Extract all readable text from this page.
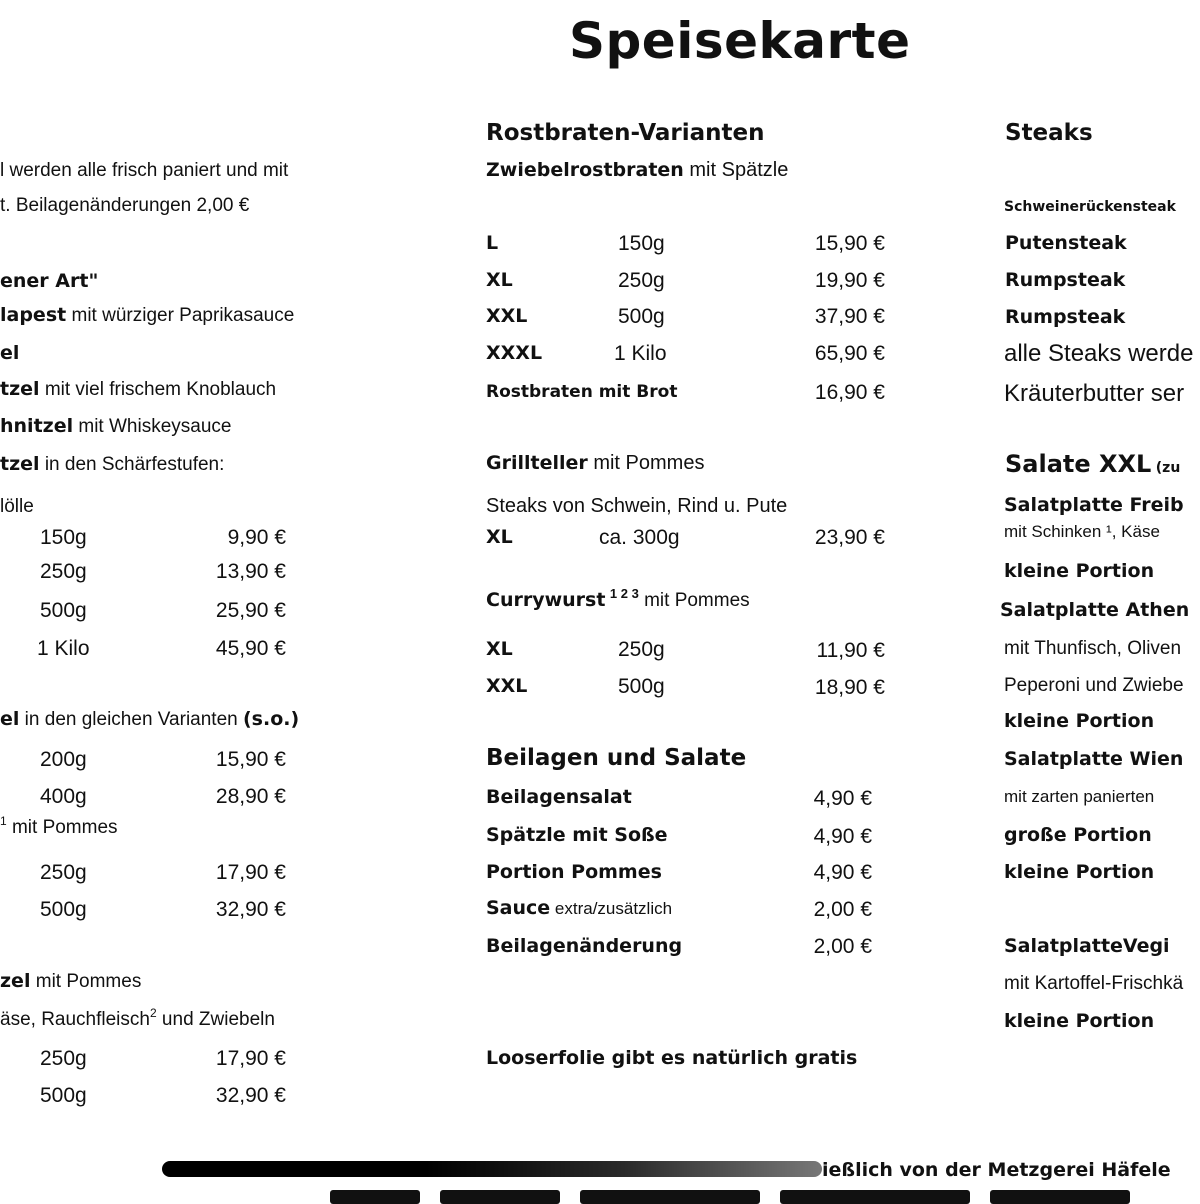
Speisekarte
l werden alle frisch paniert und mit
t. Beilagenänderungen 2,00 €
ener Art"
lapest mit würziger Paprikasauce
el
tzel mit viel frischem Knoblauch
hnitzel mit Whiskeysauce
tzel in den Schärfestufen:
lölle
150g	9,90 €
250g	13,90 €
500g	25,90 €
1 Kilo	45,90 €
el in den gleichen Varianten (s.o.)
200g	15,90 €
400g	28,90 €
$^1$ mit Pommes
250g	17,90 €
500g	32,90 €
zel mit Pommes
äse, Rauchfleisch$^2$ und Zwiebeln
250g	17,90 €
500g	32,90 €
Rostbraten-Varianten
Zwiebelrostbraten mit Spätzle
L	150g	15,90 €
XL	250g	19,90 €
XXL	500g	37,90 €
XXXL	1 Kilo	65,90 €
Rostbraten mit Brot	16,90 €
Grillteller mit Pommes
Steaks von Schwein, Rind u. Pute
XL	ca. 300g	23,90 €
Currywurst $^{1 2 3}$ mit Pommes
XL	250g	11,90 €
XXL	500g	18,90 €
Beilagen und Salate
Beilagensalat	4,90 €
Spätzle mit Soße	4,90 €
Portion Pommes	4,90 €
Sauce extra/zusätzlich	2,00 €
Beilagenänderung	2,00 €
Looserfolie gibt es natürlich gratis
Steaks
Schweinerückensteak
Putensteak
Rumpsteak
Rumpsteak
alle Steaks werde
Kräuterbutter ser
Salate XXL (zu
Salatplatte Freib
mit Schinken ¹, Käse
kleine Portion
Salatplatte Athen
mit Thunfisch, Oliven
Peperoni und Zwiebe
kleine Portion
Salatplatte Wien
mit zarten panierten
große Portion
kleine Portion
SalatplatteVegi
mit Kartoffel-Frischkä
kleine Portion
ießlich von der Metzgerei Häfele
